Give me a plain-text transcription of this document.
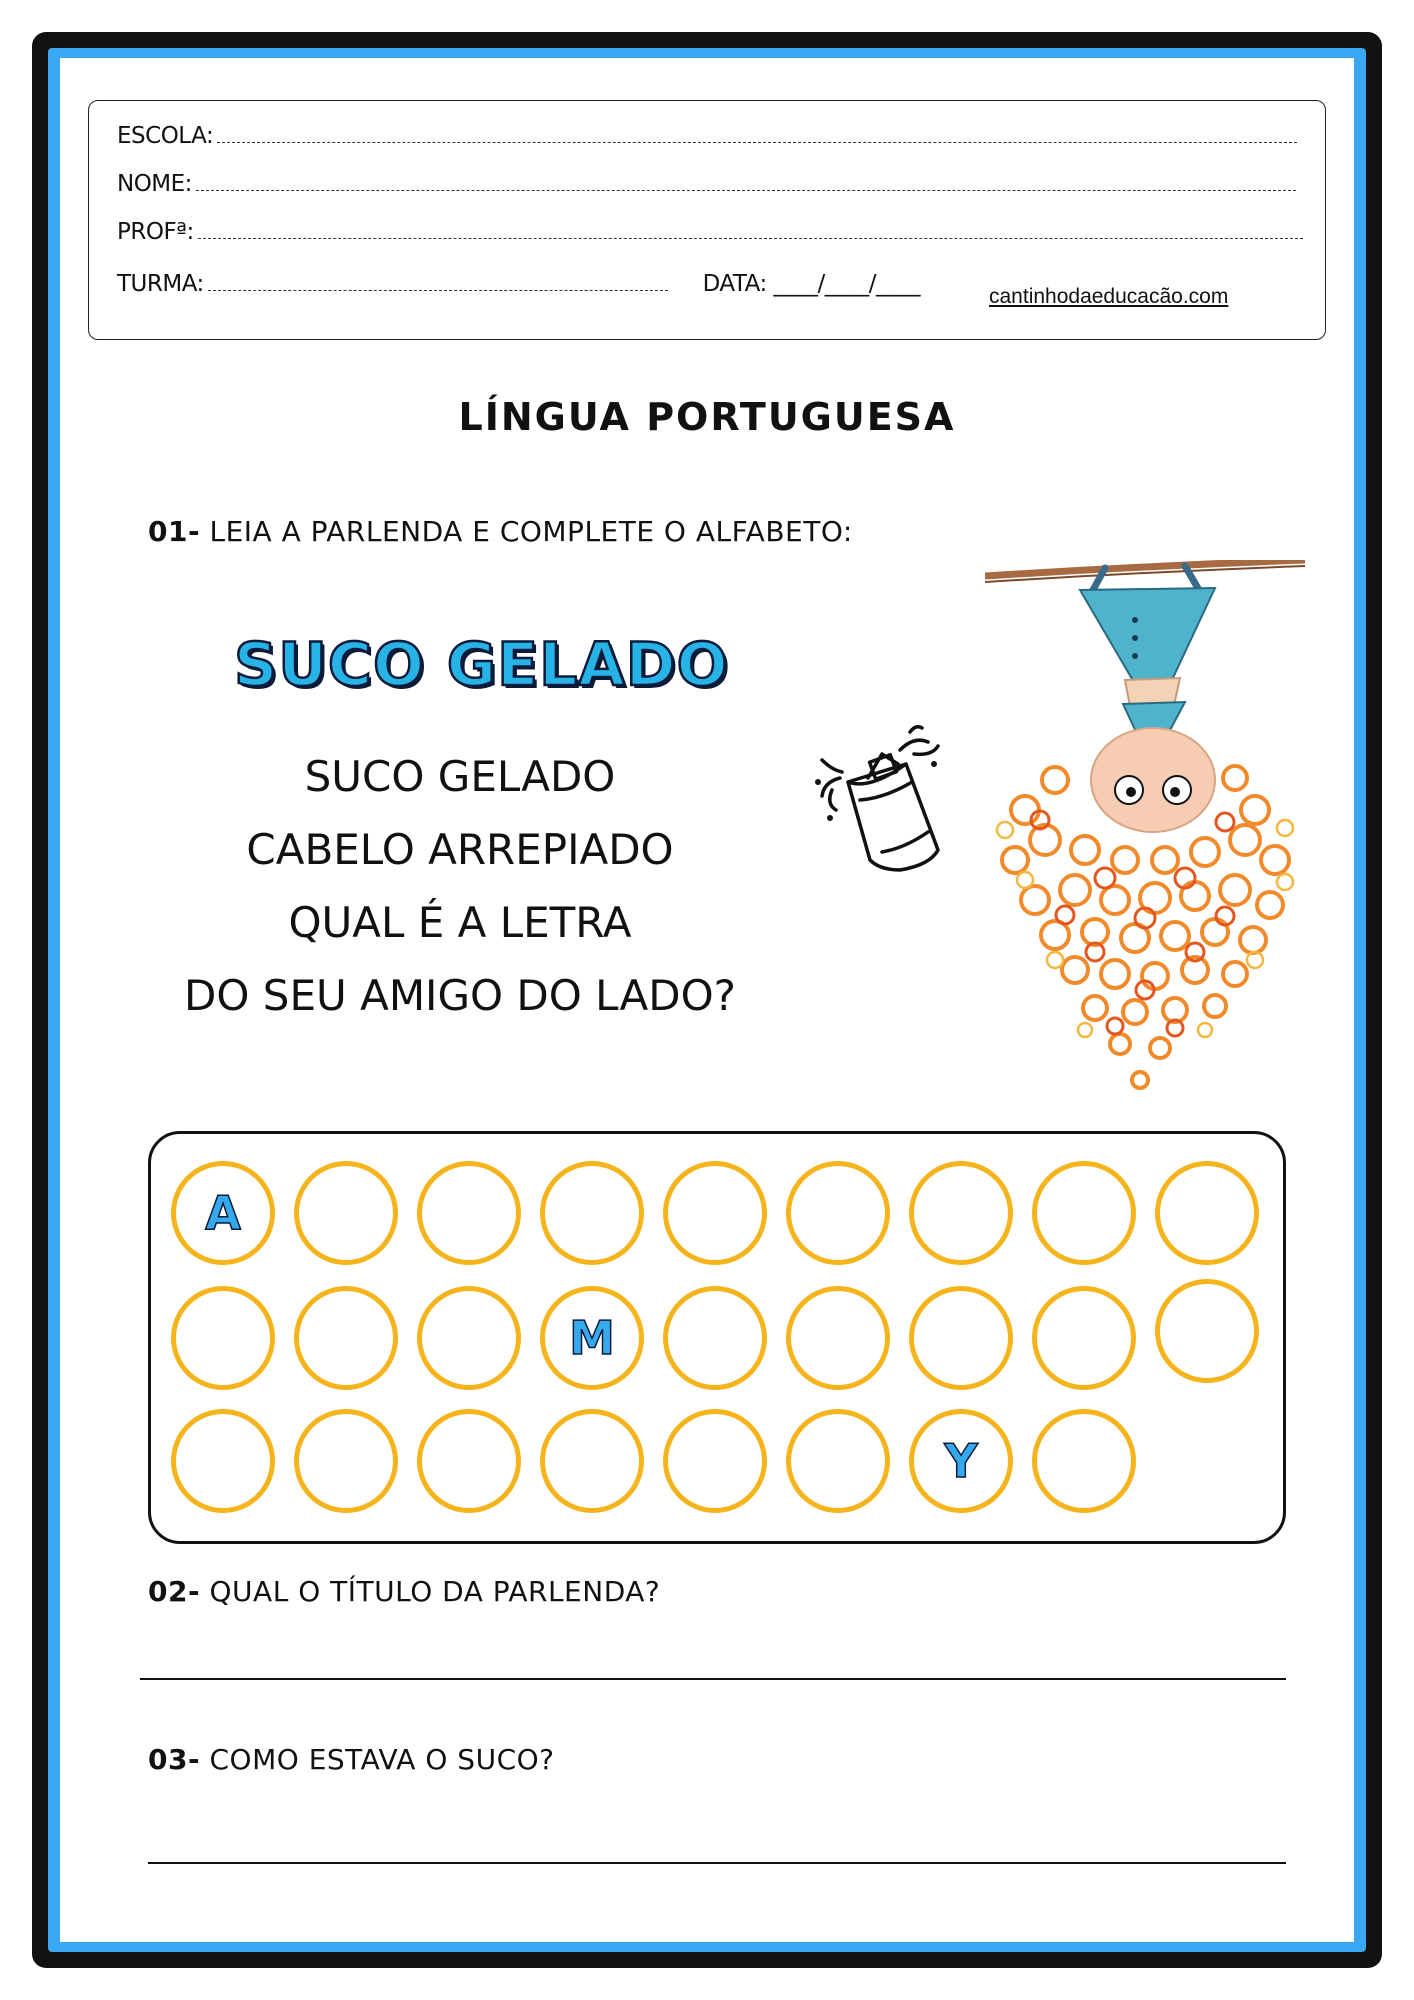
ESCOLA:
NOME:
PROFª:
TURMA:	DATA: ____/____/____	cantinhodaeducacão.com
LÍNGUA PORTUGUESA
01- LEIA A PARLENDA E COMPLETE O ALFABETO:
SUCO GELADO
SUCO GELADO
CABELO ARREPIADO
QUAL É A LETRA
DO SEU AMIGO DO LADO?
A
M
Y
02- QUAL O TÍTULO DA PARLENDA?
03- COMO ESTAVA O SUCO?
